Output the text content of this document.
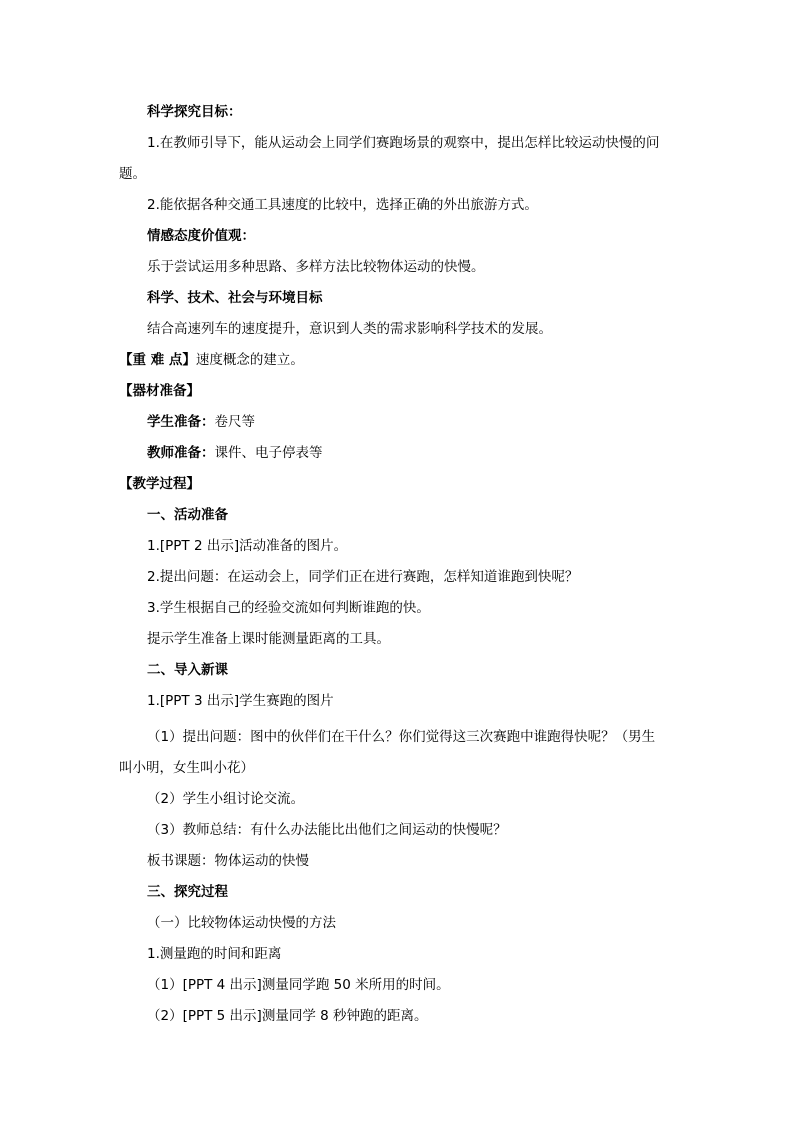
科学探究目标：
1.在教师引导下，能从运动会上同学们赛跑场景的观察中，提出怎样比较运动快慢的问
题。
2.能依据各种交通工具速度的比较中，选择正确的外出旅游方式。
情感态度价值观：
乐于尝试运用多种思路、多样方法比较物体运动的快慢。
科学、技术、社会与环境目标
结合高速列车的速度提升，意识到人类的需求影响科学技术的发展。
【重 难 点】速度概念的建立。
【器材准备】
学生准备：卷尺等
教师准备：课件、电子停表等
【教学过程】
一、活动准备
1.[PPT 2 出示]活动准备的图片。
2.提出问题：在运动会上，同学们正在进行赛跑，怎样知道谁跑到快呢？
3.学生根据自己的经验交流如何判断谁跑的快。
提示学生准备上课时能测量距离的工具。
二、导入新课
1.[PPT 3 出示]学生赛跑的图片
（1）提出问题：图中的伙伴们在干什么？你们觉得这三次赛跑中谁跑得快呢？（男生
叫小明，女生叫小花）
（2）学生小组讨论交流。
（3）教师总结：有什么办法能比出他们之间运动的快慢呢？
板书课题：物体运动的快慢
三、探究过程
（一）比较物体运动快慢的方法
1.测量跑的时间和距离
（1）[PPT 4 出示]测量同学跑 50 米所用的时间。
（2）[PPT 5 出示]测量同学 8 秒钟跑的距离。
